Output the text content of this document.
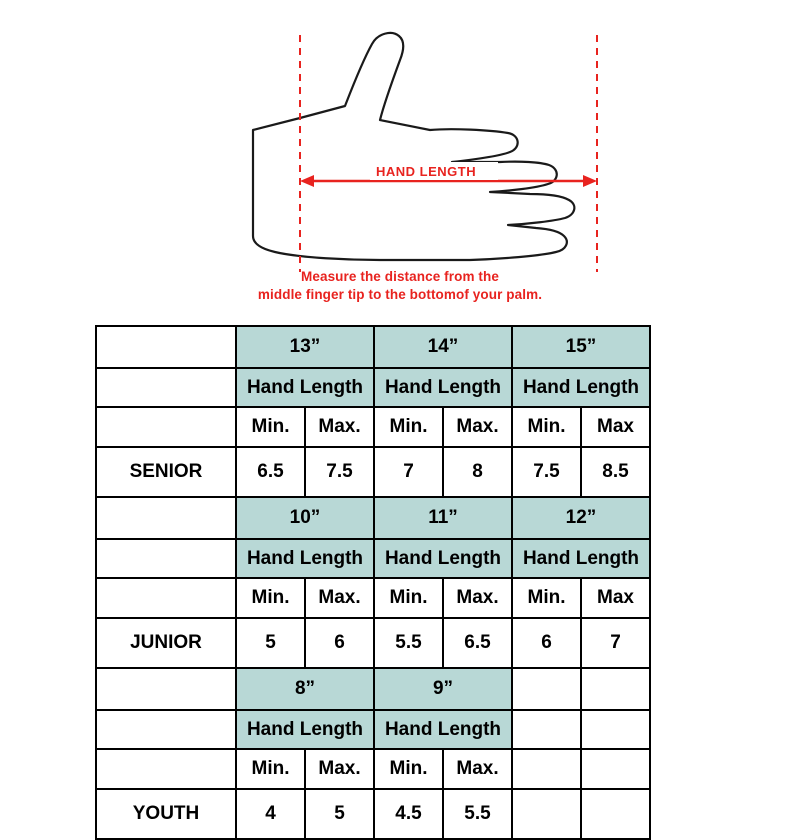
HAND LENGTH
Measure the distance from the
middle finger tip to the bottomof your palm.
	13”		14”		15”	
	Hand Length		Hand Length		Hand Length	
	Min.	Max.	Min.	Max.	Min.	Max
SENIOR	6.5	7.5	7	8	7.5	8.5
	10”		11”		12”	
	Hand Length		Hand Length		Hand Length	
	Min.	Max.	Min.	Max.	Min.	Max
JUNIOR	5	6	5.5	6.5	6	7
	8”		9”			
	Hand Length		Hand Length			
	Min.	Max.	Min.	Max.		
YOUTH	4	5	4.5	5.5		
